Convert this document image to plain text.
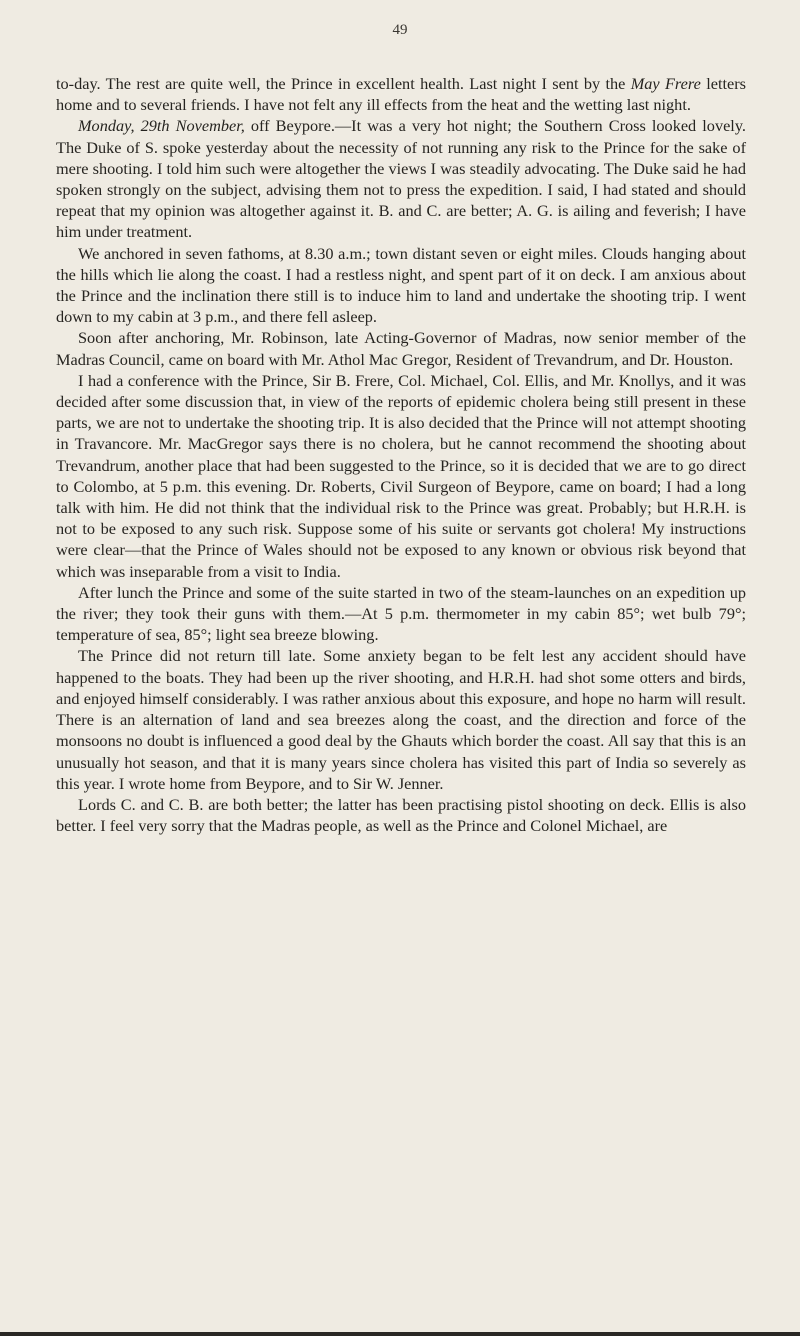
49

to-day. The rest are quite well, the Prince in excellent health. Last night I sent by the May Frere letters home and to several friends. I have not felt any ill effects from the heat and the wetting last night.

Monday, 29th November, off Beypore.—It was a very hot night; the Southern Cross looked lovely. The Duke of S. spoke yesterday about the necessity of not running any risk to the Prince for the sake of mere shooting. I told him such were altogether the views I was steadily advocating. The Duke said he had spoken strongly on the subject, advising them not to press the expedition. I said, I had stated and should repeat that my opinion was altogether against it. B. and C. are better; A. G. is ailing and feverish; I have him under treatment.

We anchored in seven fathoms, at 8.30 a.m.; town distant seven or eight miles. Clouds hanging about the hills which lie along the coast. I had a restless night, and spent part of it on deck. I am anxious about the Prince and the inclination there still is to induce him to land and undertake the shooting trip. I went down to my cabin at 3 p.m., and there fell asleep.

Soon after anchoring, Mr. Robinson, late Acting-Governor of Madras, now senior member of the Madras Council, came on board with Mr. Athol Mac Gregor, Resident of Trevandrum, and Dr. Houston.

I had a conference with the Prince, Sir B. Frere, Col. Michael, Col. Ellis, and Mr. Knollys, and it was decided after some discussion that, in view of the reports of epidemic cholera being still present in these parts, we are not to undertake the shooting trip. It is also decided that the Prince will not attempt shooting in Travancore. Mr. MacGregor says there is no cholera, but he cannot recommend the shooting about Trevandrum, another place that had been suggested to the Prince, so it is decided that we are to go direct to Colombo, at 5 p.m. this evening. Dr. Roberts, Civil Surgeon of Beypore, came on board; I had a long talk with him. He did not think that the individual risk to the Prince was great. Probably; but H.R.H. is not to be exposed to any such risk. Suppose some of his suite or servants got cholera! My instructions were clear—that the Prince of Wales should not be exposed to any known or obvious risk beyond that which was inseparable from a visit to India.

After lunch the Prince and some of the suite started in two of the steam-launches on an expedition up the river; they took their guns with them.—At 5 p.m. thermometer in my cabin 85°; wet bulb 79°; temperature of sea, 85°; light sea breeze blowing.

The Prince did not return till late. Some anxiety began to be felt lest any accident should have happened to the boats. They had been up the river shooting, and H.R.H. had shot some otters and birds, and enjoyed himself considerably. I was rather anxious about this exposure, and hope no harm will result. There is an alternation of land and sea breezes along the coast, and the direction and force of the monsoons no doubt is influenced a good deal by the Ghauts which border the coast. All say that this is an unusually hot season, and that it is many years since cholera has visited this part of India so severely as this year. I wrote home from Beypore, and to Sir W. Jenner.

Lords C. and C. B. are both better; the latter has been practising pistol shooting on deck. Ellis is also better. I feel very sorry that the Madras people, as well as the Prince and Colonel Michael, are
